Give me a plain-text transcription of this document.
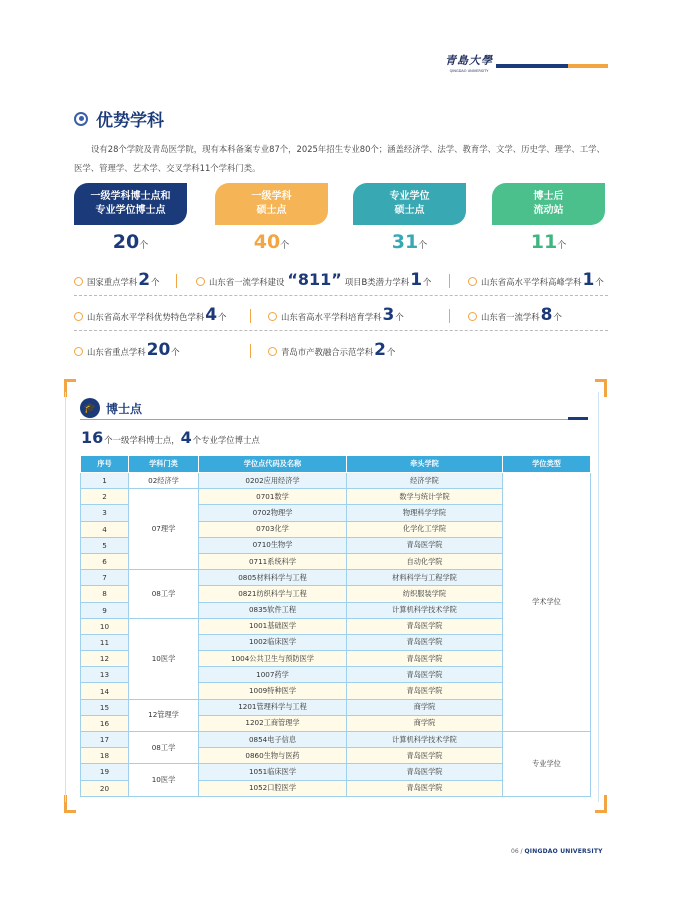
青島大學
QINGDAO UNIVERSITY
优势学科

设有28个学院及青岛医学院，现有本科备案专业87个，2025年招生专业80个；涵盖经济学、法学、教育学、文学、历史学、理学、工学、医学、管理学、艺术学、交叉学科11个学科门类。

一级学科博士点和
专业学位博士点
一级学科
硕士点
专业学位
硕士点
博士后
流动站
20个	40个	31个	11个
国家重点学科 2 个	山东省一流学科建设 “811” 项目B类潜力学科 1 个	山东省高水平学科高峰学科 1 个
山东省高水平学科优势特色学科 4 个	山东省高水平学科培育学科 3 个	山东省一流学科 8 个
山东省重点学科 20 个	青岛市产教融合示范学科 2 个
🎓 博士点
16个一级学科博士点，4个专业学位博士点
序号	学科门类	学位点代码及名称	牵头学院	学位类型
1	02经济学	0202应用经济学	经济学院	学术学位
2	07理学	0701数学	数学与统计学院	
3		0702物理学	物理科学学院	
4		0703化学	化学化工学院	
5		0710生物学	青岛医学院	
6		0711系统科学	自动化学院	
7	08工学	0805材料科学与工程	材料科学与工程学院	
8		0821纺织科学与工程	纺织服装学院	
9		0835软件工程	计算机科学技术学院	
10	10医学	1001基础医学	青岛医学院	
11		1002临床医学	青岛医学院	
12		1004公共卫生与预防医学	青岛医学院	
13		1007药学	青岛医学院	
14		1009特种医学	青岛医学院	
15	12管理学	1201管理科学与工程	商学院	
16		1202工商管理学	商学院	
17	08工学	0854电子信息	计算机科学技术学院	专业学位
18		0860生物与医药	青岛医学院	
19	10医学	1051临床医学	青岛医学院	
20		1052口腔医学	青岛医学院	
06 / QINGDAO UNIVERSITY
